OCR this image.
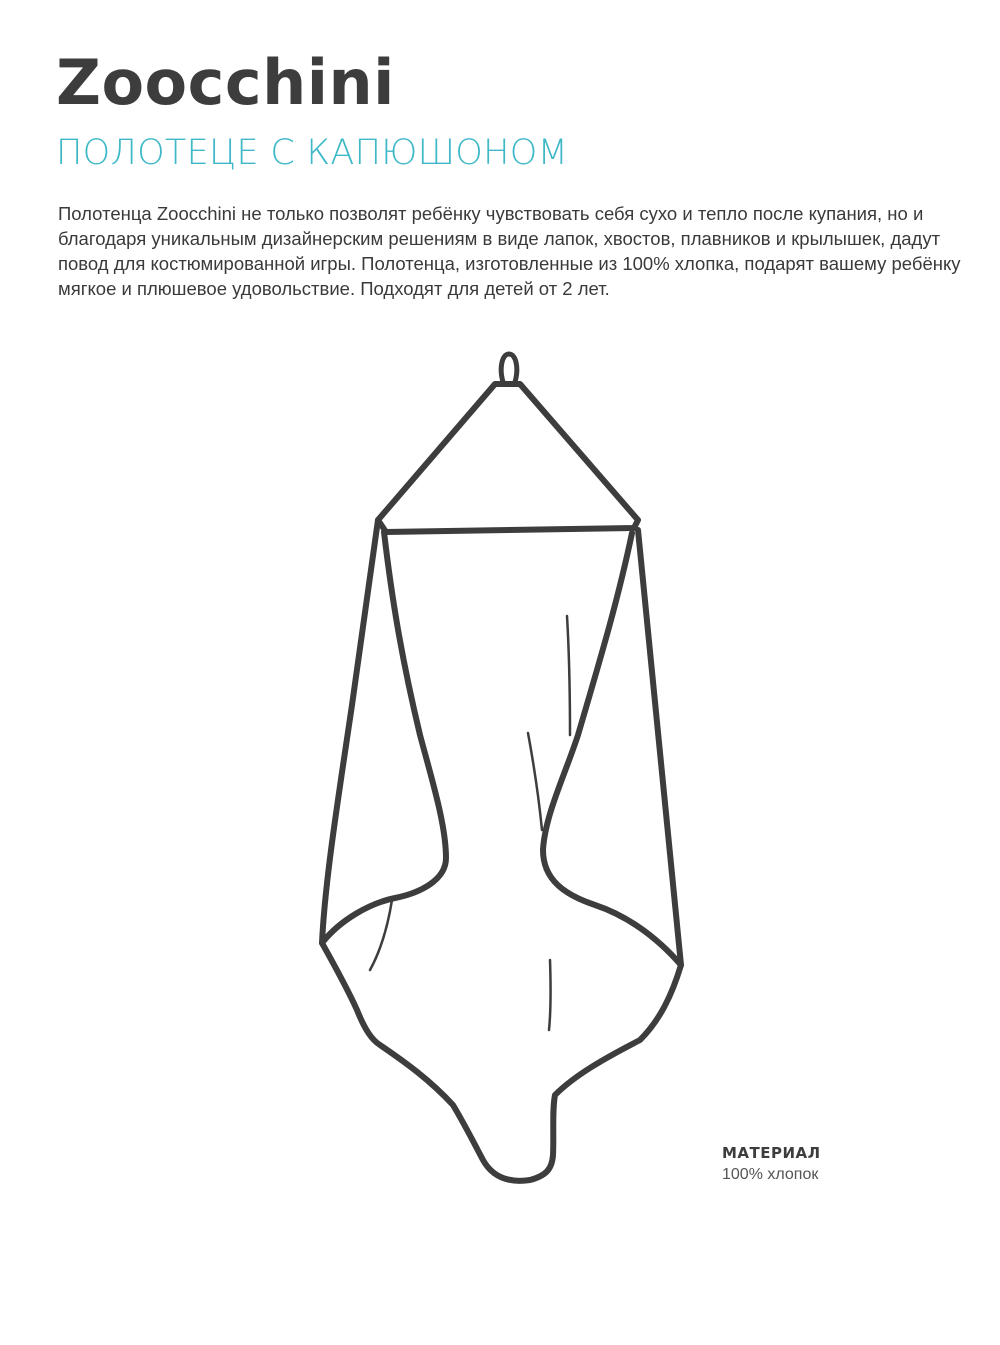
Zoocchini
ПОЛОТЕЦЕ С КАПЮШОНОМ
Полотенца Zoocchini не только позволят ребёнку чувствовать себя сухо и тепло после купания, но и благодаря уникальным дизайнерским решениям в виде лапок, хвостов, плавников и крылышек, дадут повод для костюмированной игры. Полотенца, изготовленные из 100% хлопка, подарят вашему ребёнку мягкое и плюшевое удовольствие. Подходят для детей от 2 лет.
МАТЕРИАЛ
100% хлопок
